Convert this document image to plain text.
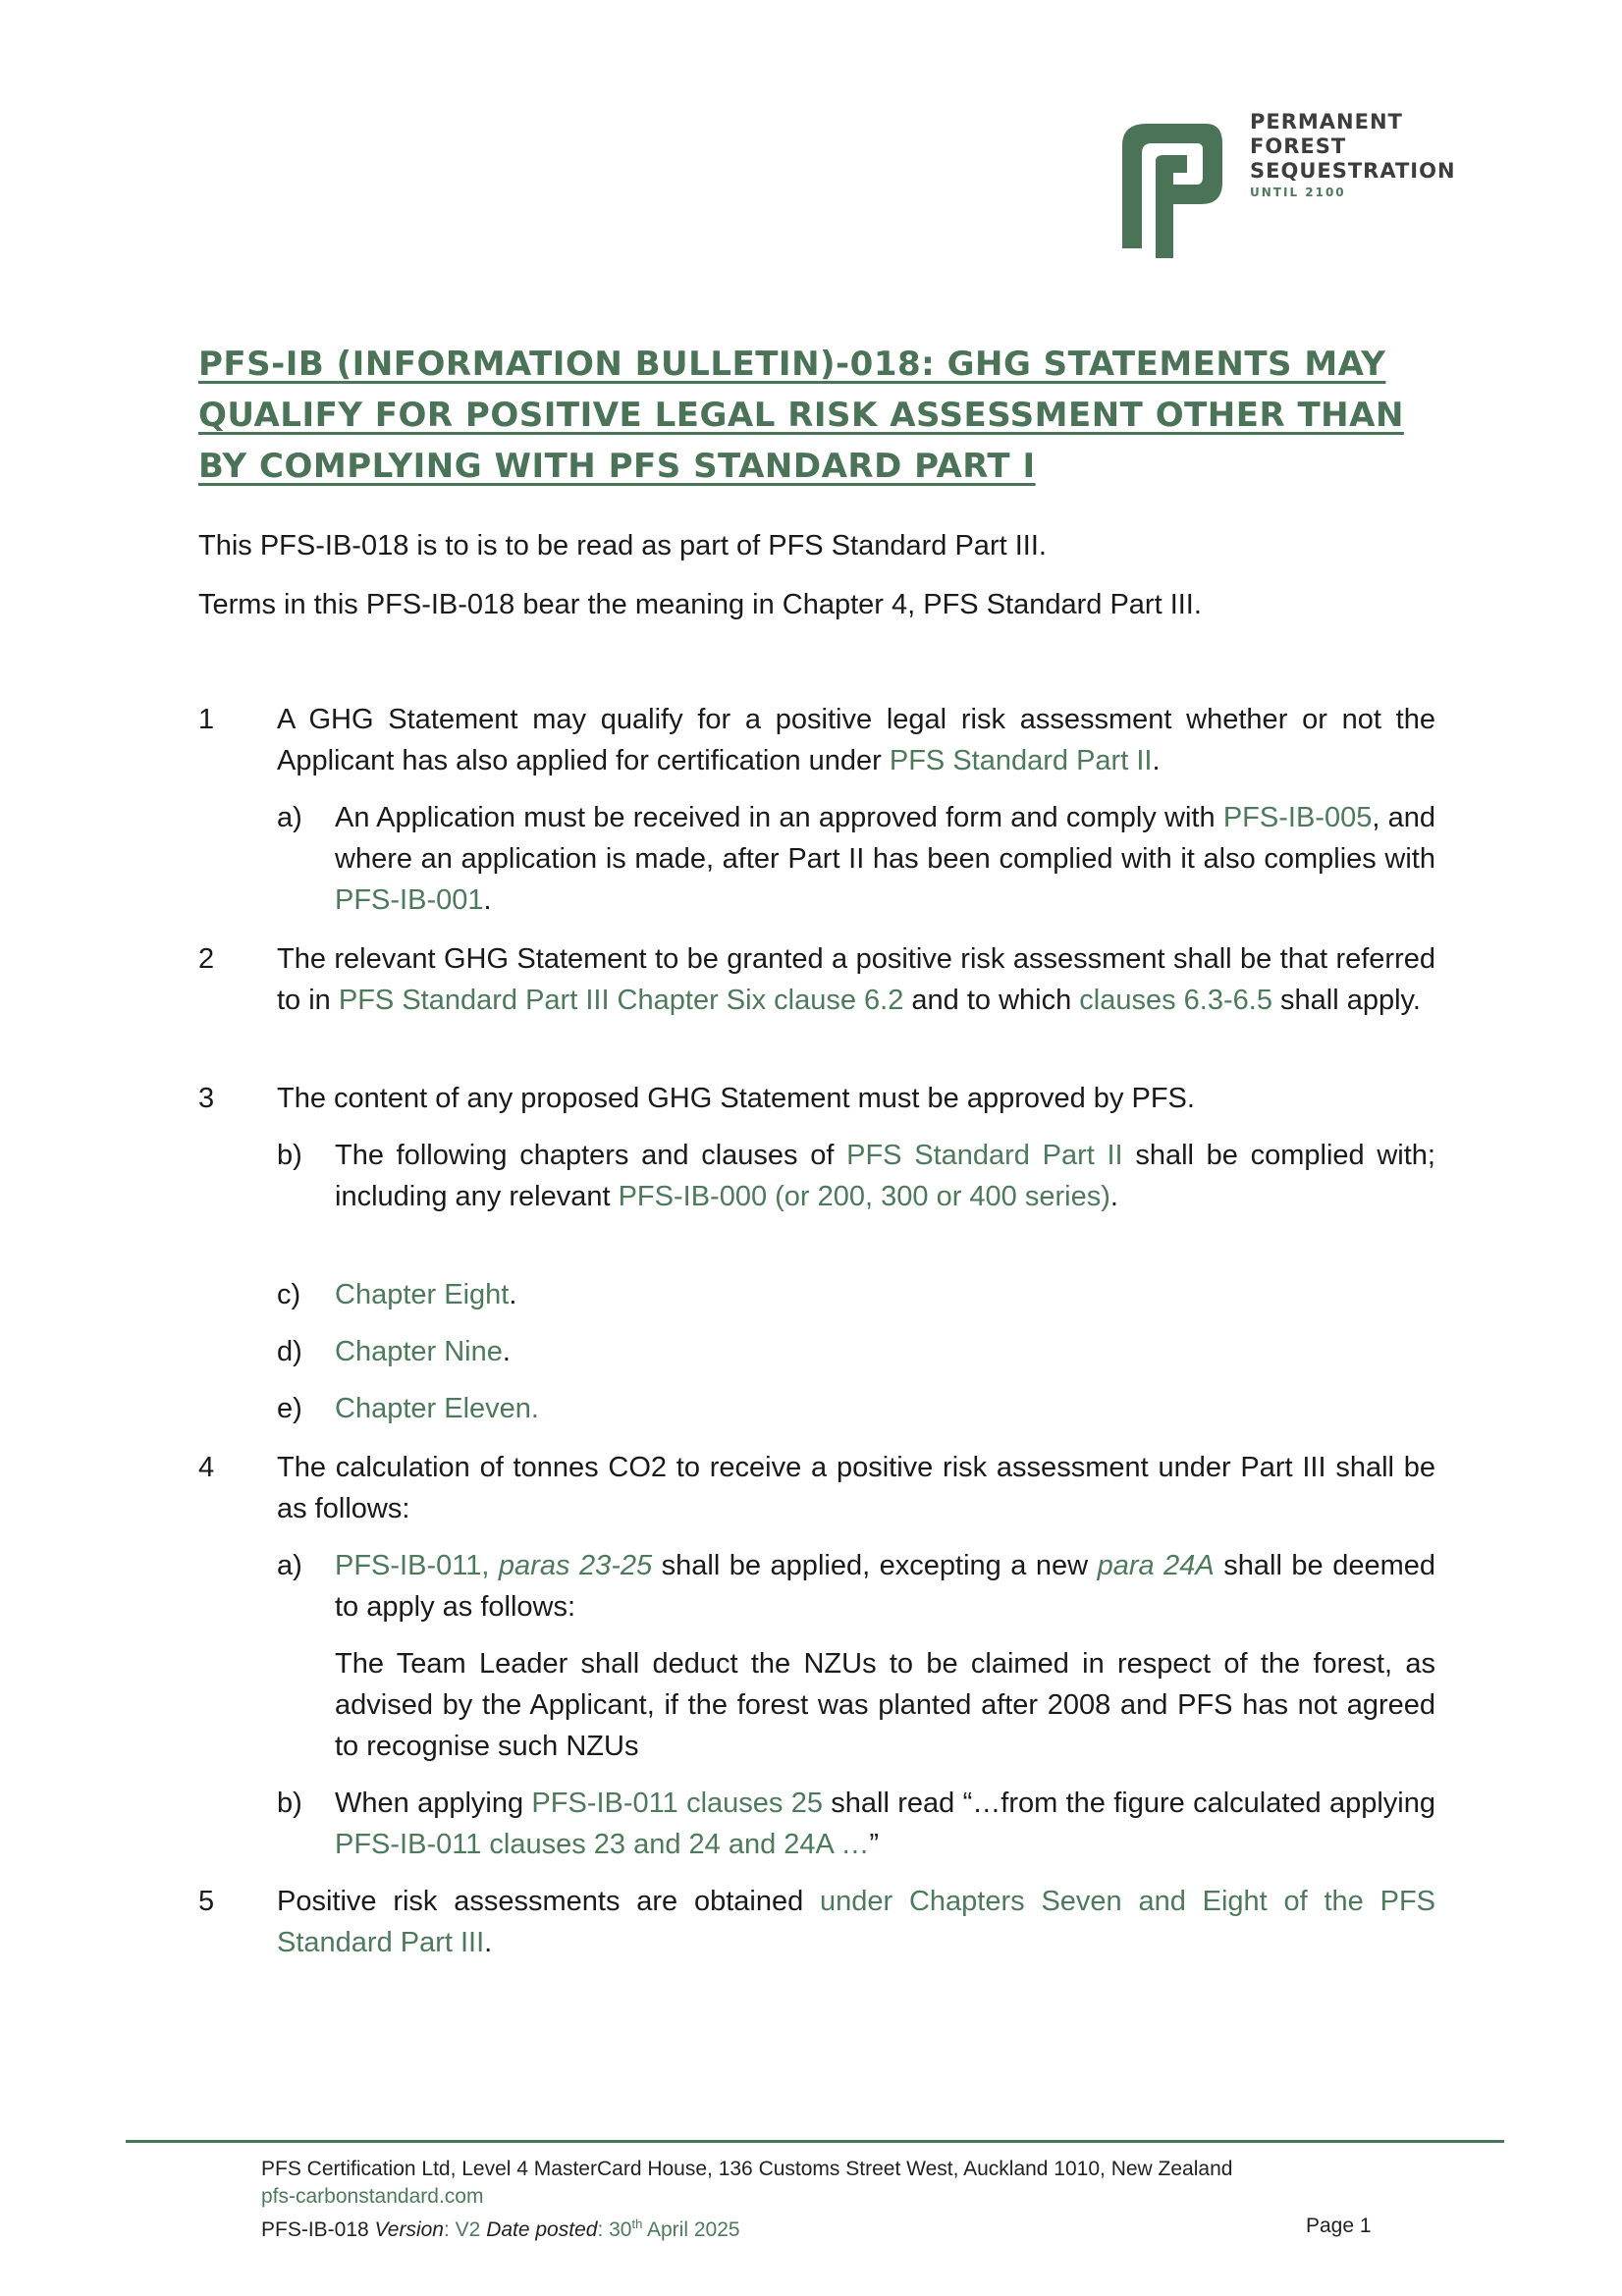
PERMANENT
FOREST
SEQUESTRATION
UNTIL 2100
PFS-IB (INFORMATION BULLETIN)-018: GHG STATEMENTS MAY QUALIFY FOR POSITIVE LEGAL RISK ASSESSMENT OTHER THAN BY COMPLYING WITH PFS STANDARD PART I
This PFS-IB-018 is to is to be read as part of PFS Standard Part III.
Terms in this PFS-IB-018 bear the meaning in Chapter 4, PFS Standard Part III.
1	A GHG Statement may qualify for a positive legal risk assessment whether or not the Applicant has also applied for certification under PFS Standard Part II.
a)	An Application must be received in an approved form and comply with PFS-IB-005, and where an application is made, after Part II has been complied with it also complies with PFS-IB-001.
2	The relevant GHG Statement to be granted a positive risk assessment shall be that referred to in PFS Standard Part III Chapter Six clause 6.2 and to which clauses 6.3-6.5 shall apply.
3	The content of any proposed GHG Statement must be approved by PFS.
b)	The following chapters and clauses of PFS Standard Part II shall be complied with; including any relevant PFS-IB-000 (or 200, 300 or 400 series).
c)	Chapter Eight.
d)	Chapter Nine.
e)	Chapter Eleven.
4	The calculation of tonnes CO2 to receive a positive risk assessment under Part III shall be as follows:
a)	PFS-IB-011, paras 23-25 shall be applied, excepting a new para 24A shall be deemed to apply as follows:
The Team Leader shall deduct the NZUs to be claimed in respect of the forest, as advised by the Applicant, if the forest was planted after 2008 and PFS has not agreed to recognise such NZUs
b)	When applying PFS-IB-011 clauses 25 shall read “…from the figure calculated applying PFS-IB-011 clauses 23 and 24 and 24A …”
5	Positive risk assessments are obtained under Chapters Seven and Eight of the PFS Standard Part III.
PFS Certification Ltd, Level 4 MasterCard House, 136 Customs Street West, Auckland 1010, New Zealand
pfs-carbonstandard.com
PFS-IB-018 Version: V2 Date posted: 30th April 2025	Page 1
